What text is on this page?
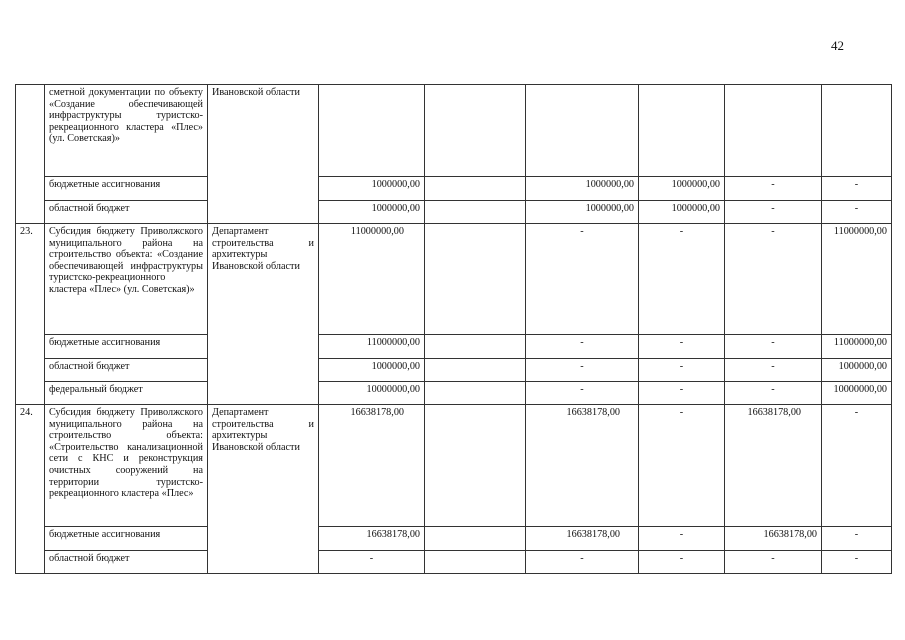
42
	сметной документации по объекту «Создание обеспечивающей инфраструктуры туристско-рекреационного кластера «Плес» (ул. Советская)»	Ивановской области						
	бюджетные ассигнования		1000000,00		1000000,00	1000000,00	-	-
	областной бюджет		1000000,00		1000000,00	1000000,00	-	-
23.	Субсидия бюджету Приволжского муниципального района на строительство объекта: «Создание обеспечивающей инфраструктуры туристско-рекреационного кластера «Плес» (ул. Советская)»	Департамент строительства и архитектуры Ивановской области	11000000,00		-	-	-	11000000,00
	бюджетные ассигнования		11000000,00		-	-	-	11000000,00
	областной бюджет		1000000,00		-	-	-	1000000,00
	федеральный бюджет		10000000,00		-	-	-	10000000,00
24.	Субсидия бюджету Приволжского муниципального района на строительство объекта: «Строительство канализационной сети с КНС и реконструкция очистных сооружений на территории туристско-рекреационного кластера «Плес»	Департамент строительства и архитектуры Ивановской области	16638178,00		16638178,00	-	16638178,00	-
	бюджетные ассигнования		16638178,00		16638178,00	-	16638178,00	-
	областной бюджет		-		-	-	-	-
